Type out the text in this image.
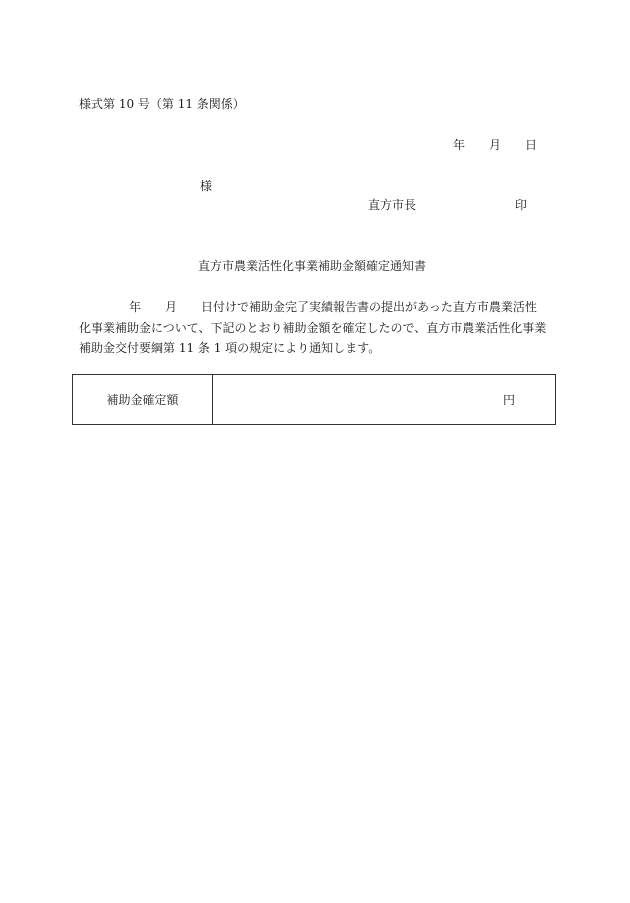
様式第 10 号（第 11 条関係）
年 月 日
様
直方市長	印
直方市農業活性化事業補助金額確定通知書
年 月 日付けで補助金完了実績報告書の提出があった直方市農業活性
化事業補助金について、下記のとおり補助金額を確定したので、直方市農業活性化事業
補助金交付要綱第 11 条 1 項の規定により通知します。
補助金確定額	円
